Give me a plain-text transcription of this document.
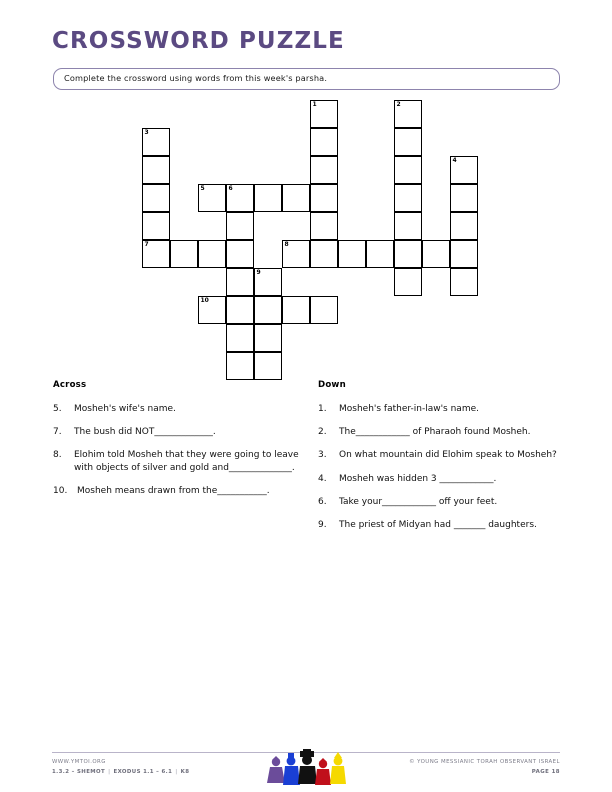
CROSSWORD PUZZLE
Complete the crossword using words from this week's parsha.
1	2
3
4
5	6
7	8
9
10
Across
5.	Mosheh's wife's name.
7.	The bush did NOT_____________.
8.	Elohim told Mosheh that they were going to leave with objects of silver and gold and______________.
10.	Mosheh means drawn from the___________.
Down
1.	Mosheh's father-in-law's name.
2.	The____________ of Pharaoh found Mosheh.
3.	On what mountain did Elohim speak to Mosheh?
4.	Mosheh was hidden 3 ____________.
6.	Take your____________ off your feet.
9.	The priest of Midyan had _______ daughters.
WWW.YMTOI.ORG
1.3.2 – SHEMOT | EXODUS 1.1 – 6.1 | K8
© YOUNG MESSIANIC TORAH OBSERVANT ISRAEL
PAGE 18
